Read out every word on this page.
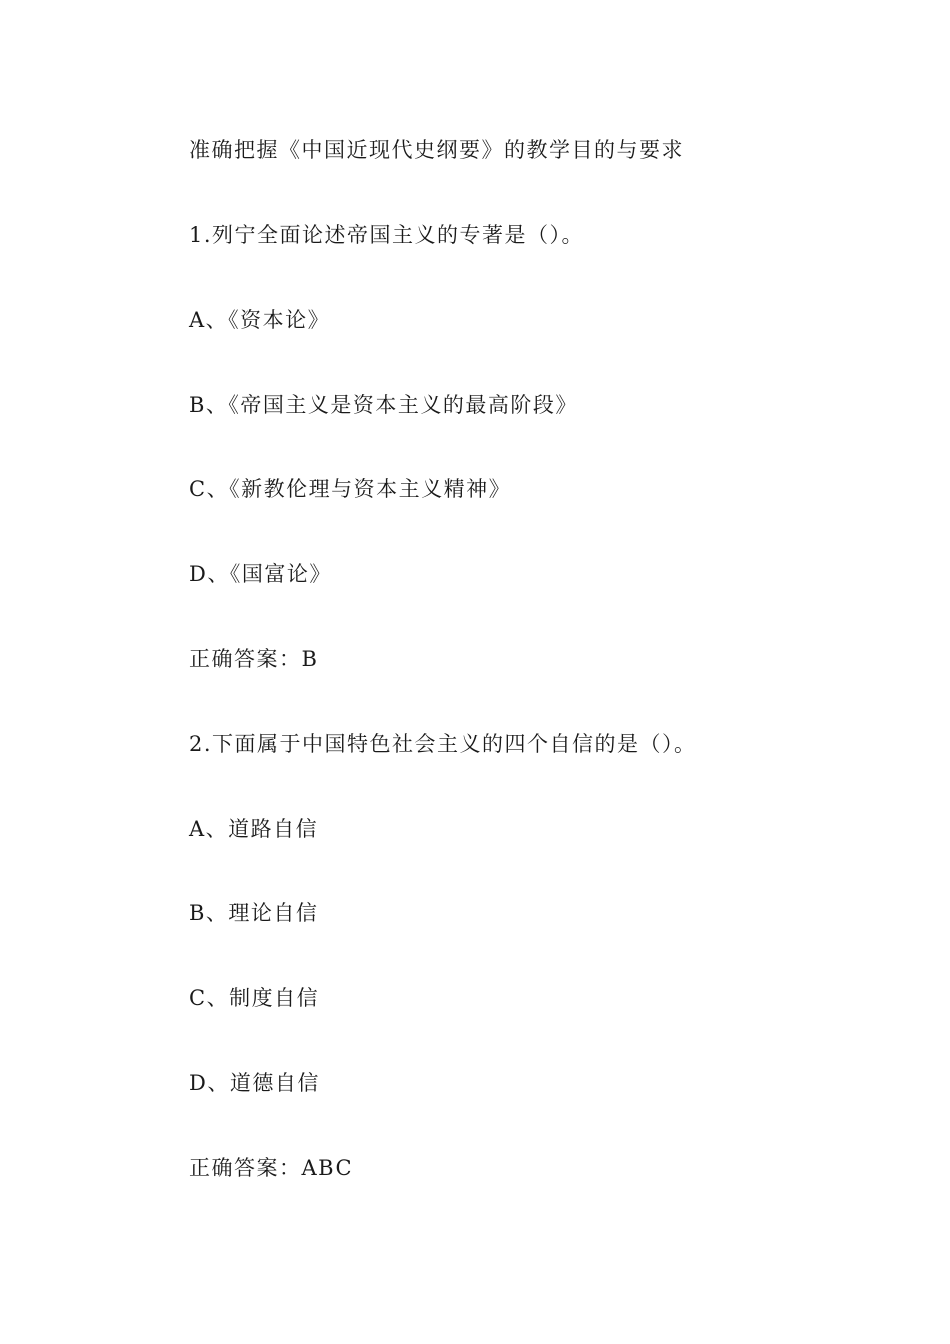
准确把握《中国近现代史纲要》的教学目的与要求

1.列宁全面论述帝国主义的专著是（）。

A、《资本论》

B、《帝国主义是资本主义的最高阶段》

C、《新教伦理与资本主义精神》

D、《国富论》

正确答案：B

2.下面属于中国特色社会主义的四个自信的是（）。

A、道路自信

B、理论自信

C、制度自信

D、道德自信

正确答案：ABC
